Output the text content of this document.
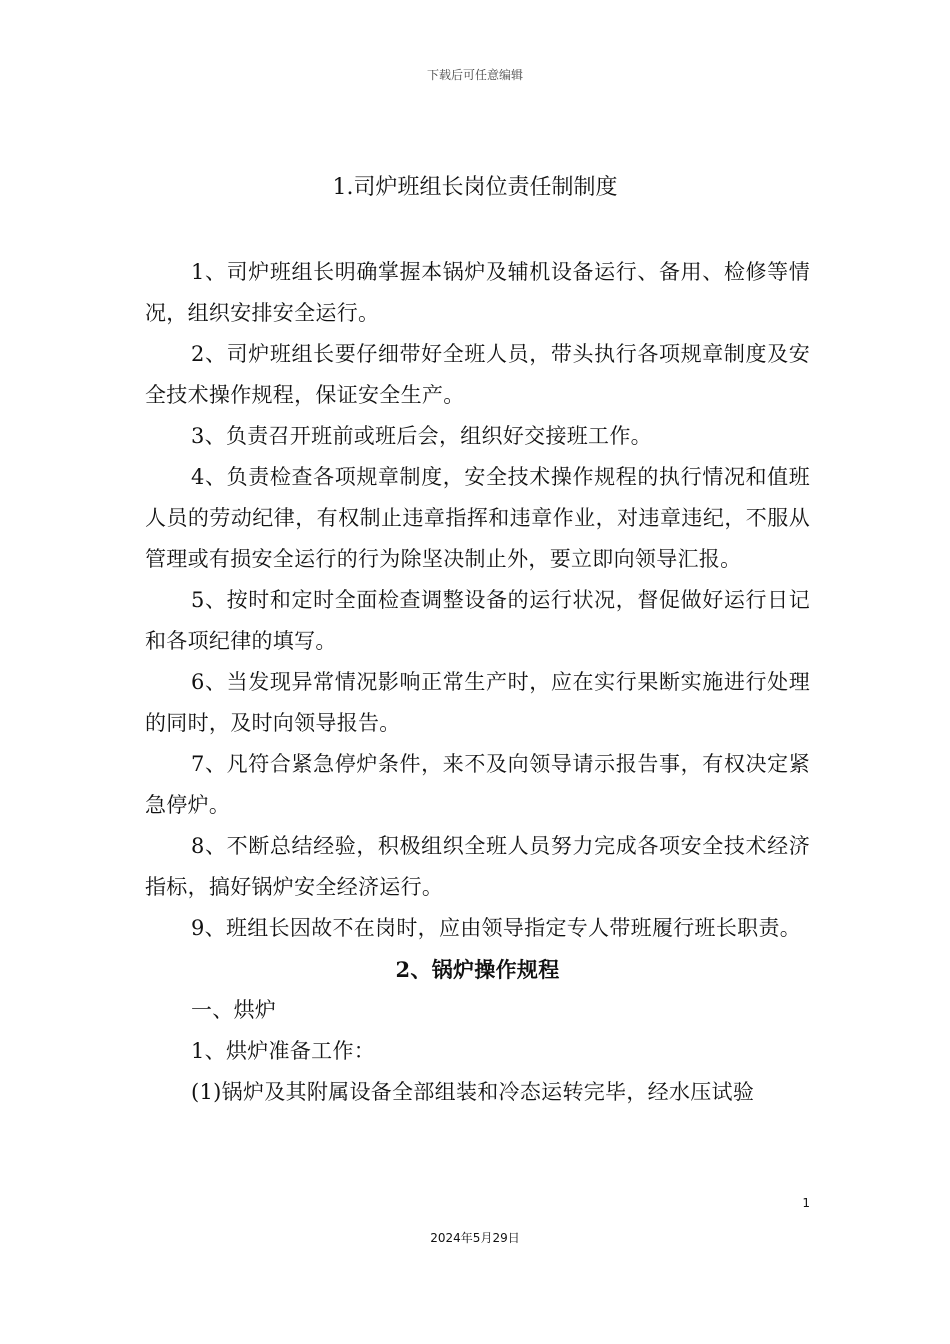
下载后可任意编辑
1.司炉班组长岗位责任制制度

1、司炉班组长明确掌握本锅炉及辅机设备运行、备用、检修等情况，组织安排安全运行。

2、司炉班组长要仔细带好全班人员，带头执行各项规章制度及安全技术操作规程，保证安全生产。

3、负责召开班前或班后会，组织好交接班工作。

4、负责检查各项规章制度，安全技术操作规程的执行情况和值班人员的劳动纪律，有权制止违章指挥和违章作业，对违章违纪，不服从管理或有损安全运行的行为除坚决制止外，要立即向领导汇报。

5、按时和定时全面检查调整设备的运行状况，督促做好运行日记和各项纪律的填写。

6、当发现异常情况影响正常生产时，应在实行果断实施进行处理的同时，及时向领导报告。

7、凡符合紧急停炉条件，来不及向领导请示报告事，有权决定紧急停炉。

8、不断总结经验，积极组织全班人员努力完成各项安全技术经济指标，搞好锅炉安全经济运行。

9、班组长因故不在岗时，应由领导指定专人带班履行班长职责。

2、锅炉操作规程

一、烘炉

1、烘炉准备工作：

(1)锅炉及其附属设备全部组装和冷态运转完毕，经水压试验

1
2024年5月29日
